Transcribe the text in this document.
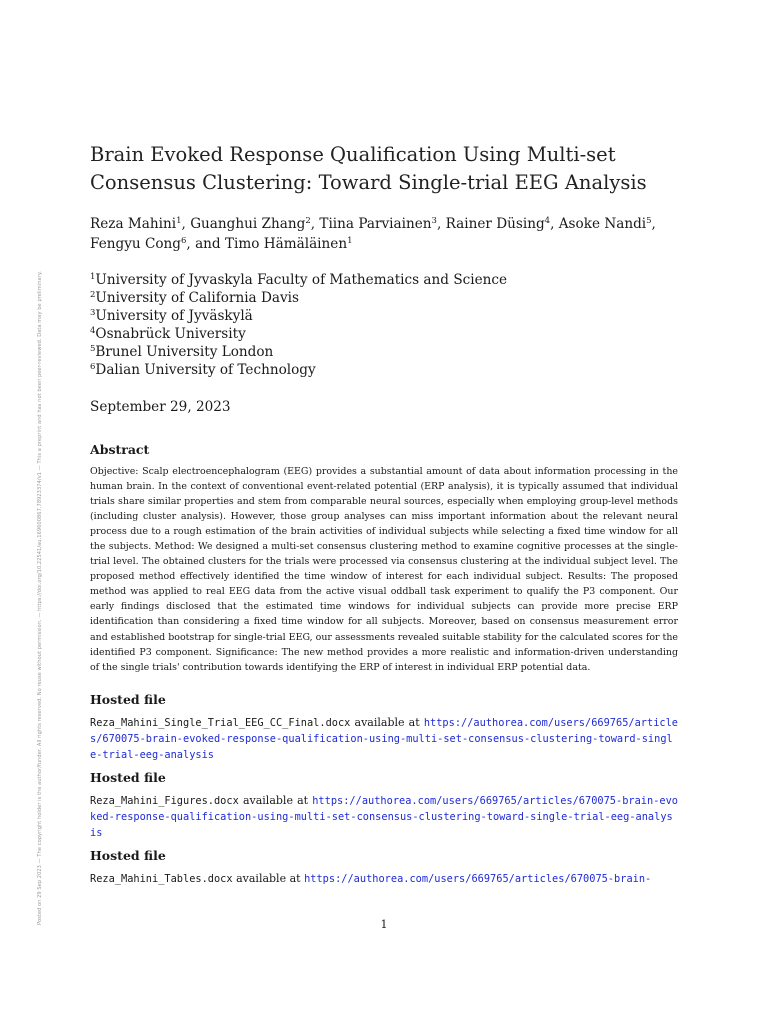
Posted on 29 Sep 2023 — The copyright holder is the author/funder. All rights reserved. No reuse without permission. — https://doi.org/10.22541/au.169600867.78923374/v1 — This a preprint and has not been peer-reviewed. Data may be preliminary.
Brain Evoked Response Qualification Using Multi-set Consensus Clustering: Toward Single-trial EEG Analysis
Reza Mahini$^1$, Guanghui Zhang$^2$, Tiina Parviainen$^3$, Rainer Düsing$^4$, Asoke Nandi$^5$,
Fengyu Cong$^6$, and Timo Hämäläinen$^1$
$^1$University of Jyvaskyla Faculty of Mathematics and Science
$^2$University of California Davis
$^3$University of Jyväskylä
$^4$Osnabrück University
$^5$Brunel University London
$^6$Dalian University of Technology
September 29, 2023
Abstract

Objective: Scalp electroencephalogram (EEG) provides a substantial amount of data about information processing in the human brain. In the context of conventional event-related potential (ERP analysis), it is typically assumed that individual trials share similar properties and stem from comparable neural sources, especially when employing group-level methods (including cluster analysis). However, those group analyses can miss important information about the relevant neural process due to a rough estimation of the brain activities of individual subjects while selecting a fixed time window for all the subjects. Method: We designed a multi-set consensus clustering method to examine cognitive processes at the single-trial level. The obtained clusters for the trials were processed via consensus clustering at the individual subject level. The proposed method effectively identified the time window of interest for each individual subject. Results: The proposed method was applied to real EEG data from the active visual oddball task experiment to qualify the P3 component. Our early findings disclosed that the estimated time windows for individual subjects can provide more precise ERP identification than considering a fixed time window for all subjects. Moreover, based on consensus measurement error and established bootstrap for single-trial EEG, our assessments revealed suitable stability for the calculated scores for the identified P3 component. Significance: The new method provides a more realistic and information-driven understanding of the single trials' contribution towards identifying the ERP of interest in individual ERP potential data.

Hosted file
Reza_Mahini_Single_Trial_EEG_CC_Final.docx available at https://authorea.com/users/669765/articles/670075-brain-evoked-response-qualification-using-multi-set-consensus-clustering-toward-single-trial-eeg-analysis
Hosted file
Reza_Mahini_Figures.docx available at https://authorea.com/users/669765/articles/670075-brain-evoked-response-qualification-using-multi-set-consensus-clustering-toward-single-trial-eeg-analysis
Hosted file
Reza_Mahini_Tables.docx available at https://authorea.com/users/669765/articles/670075-brain-
1
